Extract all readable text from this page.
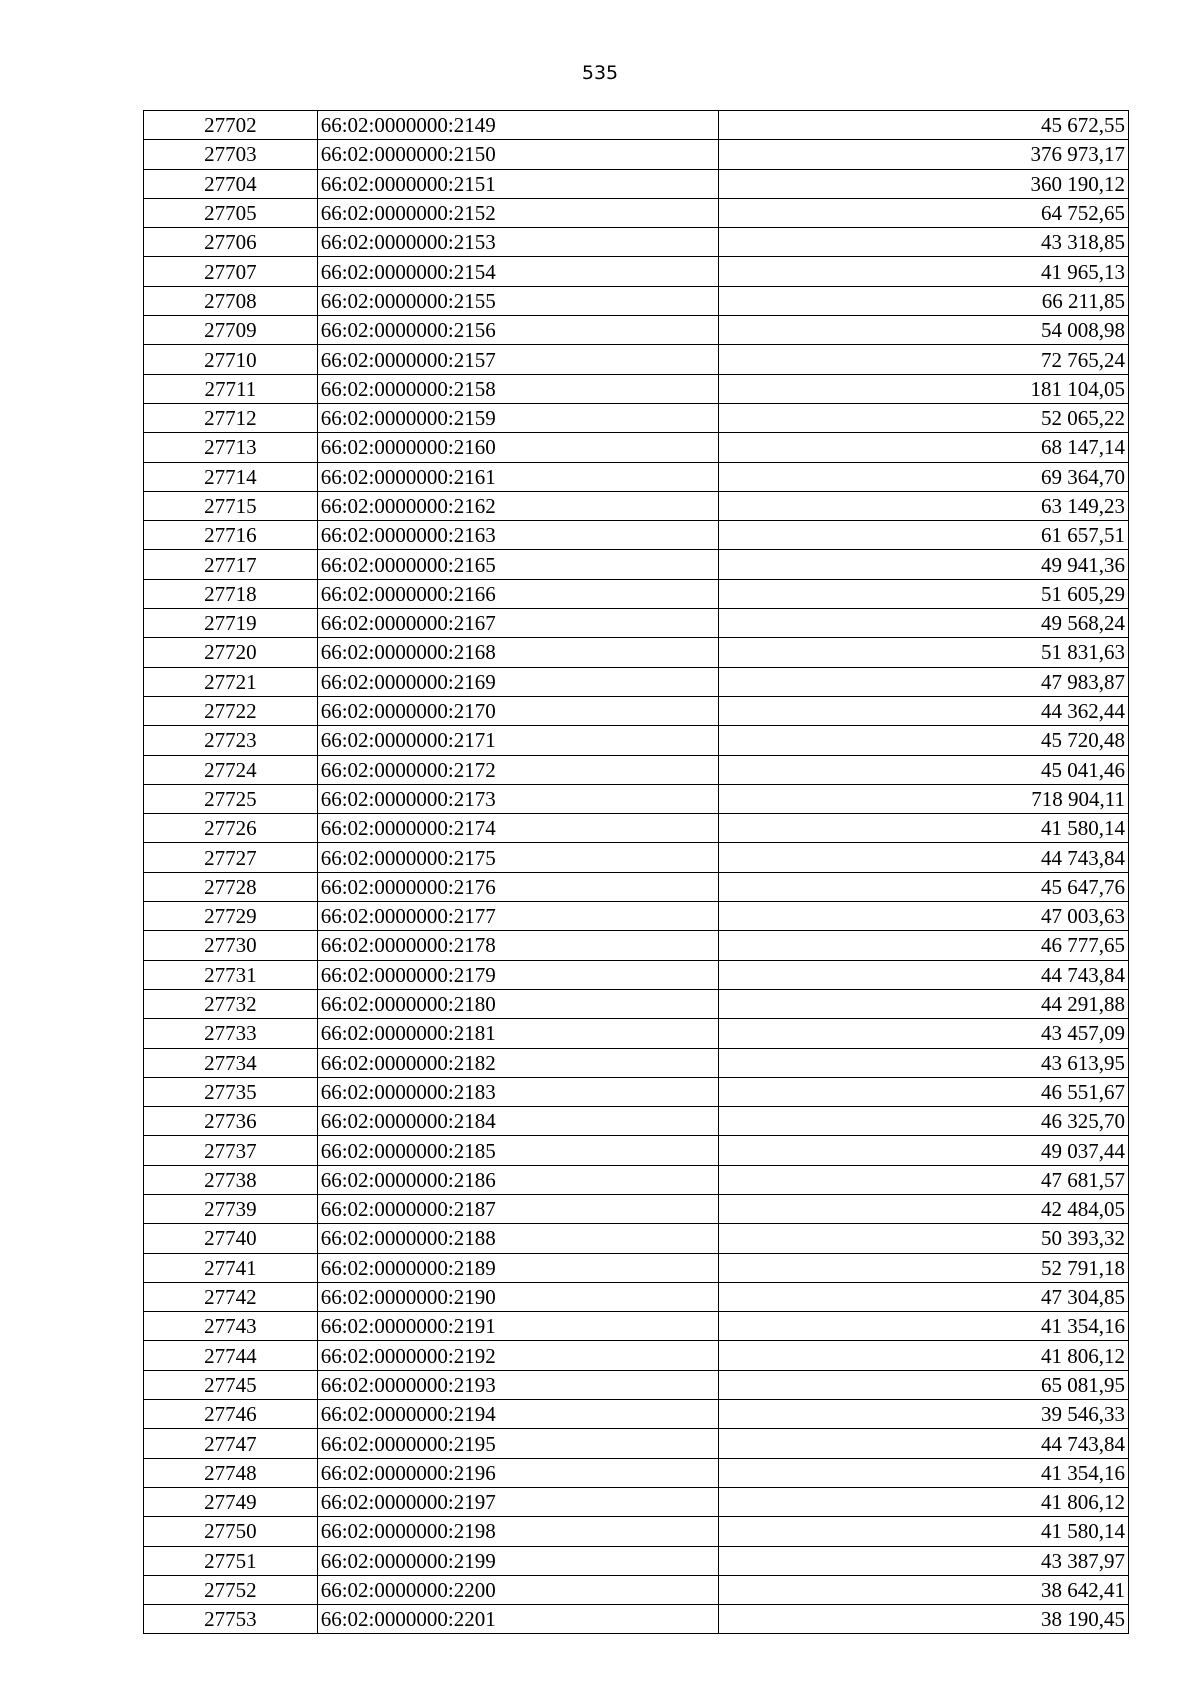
535
27702	66:02:0000000:2149	45 672,55
27703	66:02:0000000:2150	376 973,17
27704	66:02:0000000:2151	360 190,12
27705	66:02:0000000:2152	64 752,65
27706	66:02:0000000:2153	43 318,85
27707	66:02:0000000:2154	41 965,13
27708	66:02:0000000:2155	66 211,85
27709	66:02:0000000:2156	54 008,98
27710	66:02:0000000:2157	72 765,24
27711	66:02:0000000:2158	181 104,05
27712	66:02:0000000:2159	52 065,22
27713	66:02:0000000:2160	68 147,14
27714	66:02:0000000:2161	69 364,70
27715	66:02:0000000:2162	63 149,23
27716	66:02:0000000:2163	61 657,51
27717	66:02:0000000:2165	49 941,36
27718	66:02:0000000:2166	51 605,29
27719	66:02:0000000:2167	49 568,24
27720	66:02:0000000:2168	51 831,63
27721	66:02:0000000:2169	47 983,87
27722	66:02:0000000:2170	44 362,44
27723	66:02:0000000:2171	45 720,48
27724	66:02:0000000:2172	45 041,46
27725	66:02:0000000:2173	718 904,11
27726	66:02:0000000:2174	41 580,14
27727	66:02:0000000:2175	44 743,84
27728	66:02:0000000:2176	45 647,76
27729	66:02:0000000:2177	47 003,63
27730	66:02:0000000:2178	46 777,65
27731	66:02:0000000:2179	44 743,84
27732	66:02:0000000:2180	44 291,88
27733	66:02:0000000:2181	43 457,09
27734	66:02:0000000:2182	43 613,95
27735	66:02:0000000:2183	46 551,67
27736	66:02:0000000:2184	46 325,70
27737	66:02:0000000:2185	49 037,44
27738	66:02:0000000:2186	47 681,57
27739	66:02:0000000:2187	42 484,05
27740	66:02:0000000:2188	50 393,32
27741	66:02:0000000:2189	52 791,18
27742	66:02:0000000:2190	47 304,85
27743	66:02:0000000:2191	41 354,16
27744	66:02:0000000:2192	41 806,12
27745	66:02:0000000:2193	65 081,95
27746	66:02:0000000:2194	39 546,33
27747	66:02:0000000:2195	44 743,84
27748	66:02:0000000:2196	41 354,16
27749	66:02:0000000:2197	41 806,12
27750	66:02:0000000:2198	41 580,14
27751	66:02:0000000:2199	43 387,97
27752	66:02:0000000:2200	38 642,41
27753	66:02:0000000:2201	38 190,45
